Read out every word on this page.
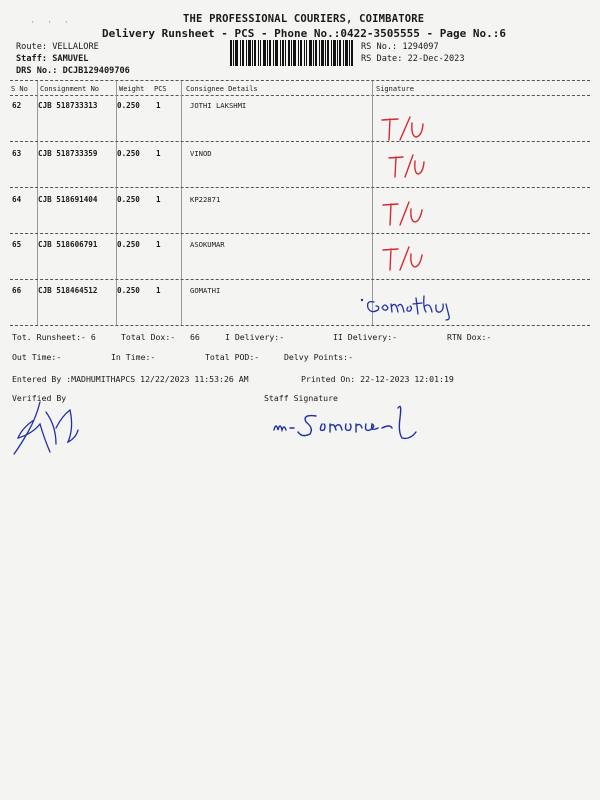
· · ·	THE PROFESSIONAL COURIERS, COIMBATORE
Delivery Runsheet - PCS - Phone No.:0422-3505555 - Page No.:6
Route: VELLALORE
Staff: SAMUVEL
DRS No.: DCJB129409706
RS No.: 1294097
RS Date: 22-Dec-2023
S No Consignment No	Weight PCS	Consignee Details	Signature
62 CJB 518733313	0.250 1	JOTHI LAKSHMI
63 CJB 518733359	0.250 1	VINOD
64 CJB 518691404	0.250 1	KP22871
65 CJB 518606791	0.250 1	ASOKUMAR
66 CJB 518464512	0.250 1	GOMATHI
Tot. Runsheet:- 6	Total Dox:- 66	I Delivery:-	II Delivery:-	RTN Dox:-
Out Time:-	In Time:-	Total POD:-	Delvy Points:-
Entered By :MADHUMITHAPCS 12/22/2023 11:53:26 AM	Printed On: 22-12-2023 12:01:19
Verified By	Staff Signature
